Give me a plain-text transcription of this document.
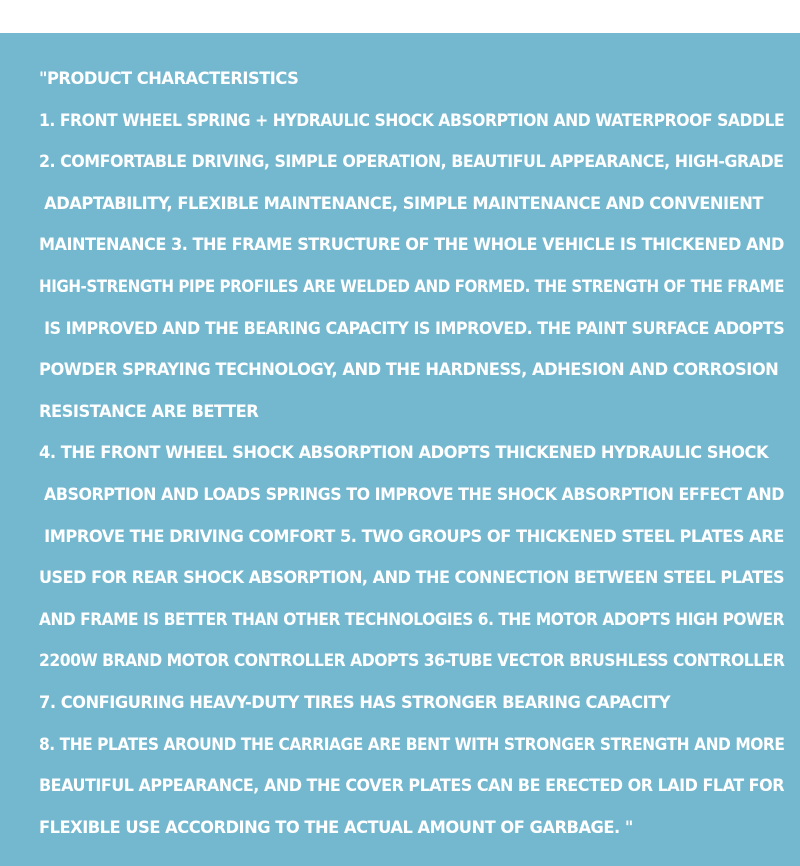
"PRODUCT CHARACTERISTICS
1. FRONT WHEEL SPRING + HYDRAULIC SHOCK ABSORPTION AND WATERPROOF SADDLE
2. COMFORTABLE DRIVING, SIMPLE OPERATION, BEAUTIFUL APPEARANCE, HIGH-GRADE
ADAPTABILITY, FLEXIBLE MAINTENANCE, SIMPLE MAINTENANCE AND CONVENIENT
MAINTENANCE 3. THE FRAME STRUCTURE OF THE WHOLE VEHICLE IS THICKENED AND
HIGH-STRENGTH PIPE PROFILES ARE WELDED AND FORMED. THE STRENGTH OF THE FRAME
IS IMPROVED AND THE BEARING CAPACITY IS IMPROVED. THE PAINT SURFACE ADOPTS
POWDER SPRAYING TECHNOLOGY, AND THE HARDNESS, ADHESION AND CORROSION
RESISTANCE ARE BETTER
4. THE FRONT WHEEL SHOCK ABSORPTION ADOPTS THICKENED HYDRAULIC SHOCK
ABSORPTION AND LOADS SPRINGS TO IMPROVE THE SHOCK ABSORPTION EFFECT AND
IMPROVE THE DRIVING COMFORT 5. TWO GROUPS OF THICKENED STEEL PLATES ARE
USED FOR REAR SHOCK ABSORPTION, AND THE CONNECTION BETWEEN STEEL PLATES
AND FRAME IS BETTER THAN OTHER TECHNOLOGIES 6. THE MOTOR ADOPTS HIGH POWER
2200W BRAND MOTOR CONTROLLER ADOPTS 36-TUBE VECTOR BRUSHLESS CONTROLLER
7. CONFIGURING HEAVY-DUTY TIRES HAS STRONGER BEARING CAPACITY
8. THE PLATES AROUND THE CARRIAGE ARE BENT WITH STRONGER STRENGTH AND MORE
BEAUTIFUL APPEARANCE, AND THE COVER PLATES CAN BE ERECTED OR LAID FLAT FOR
FLEXIBLE USE ACCORDING TO THE ACTUAL AMOUNT OF GARBAGE. "
